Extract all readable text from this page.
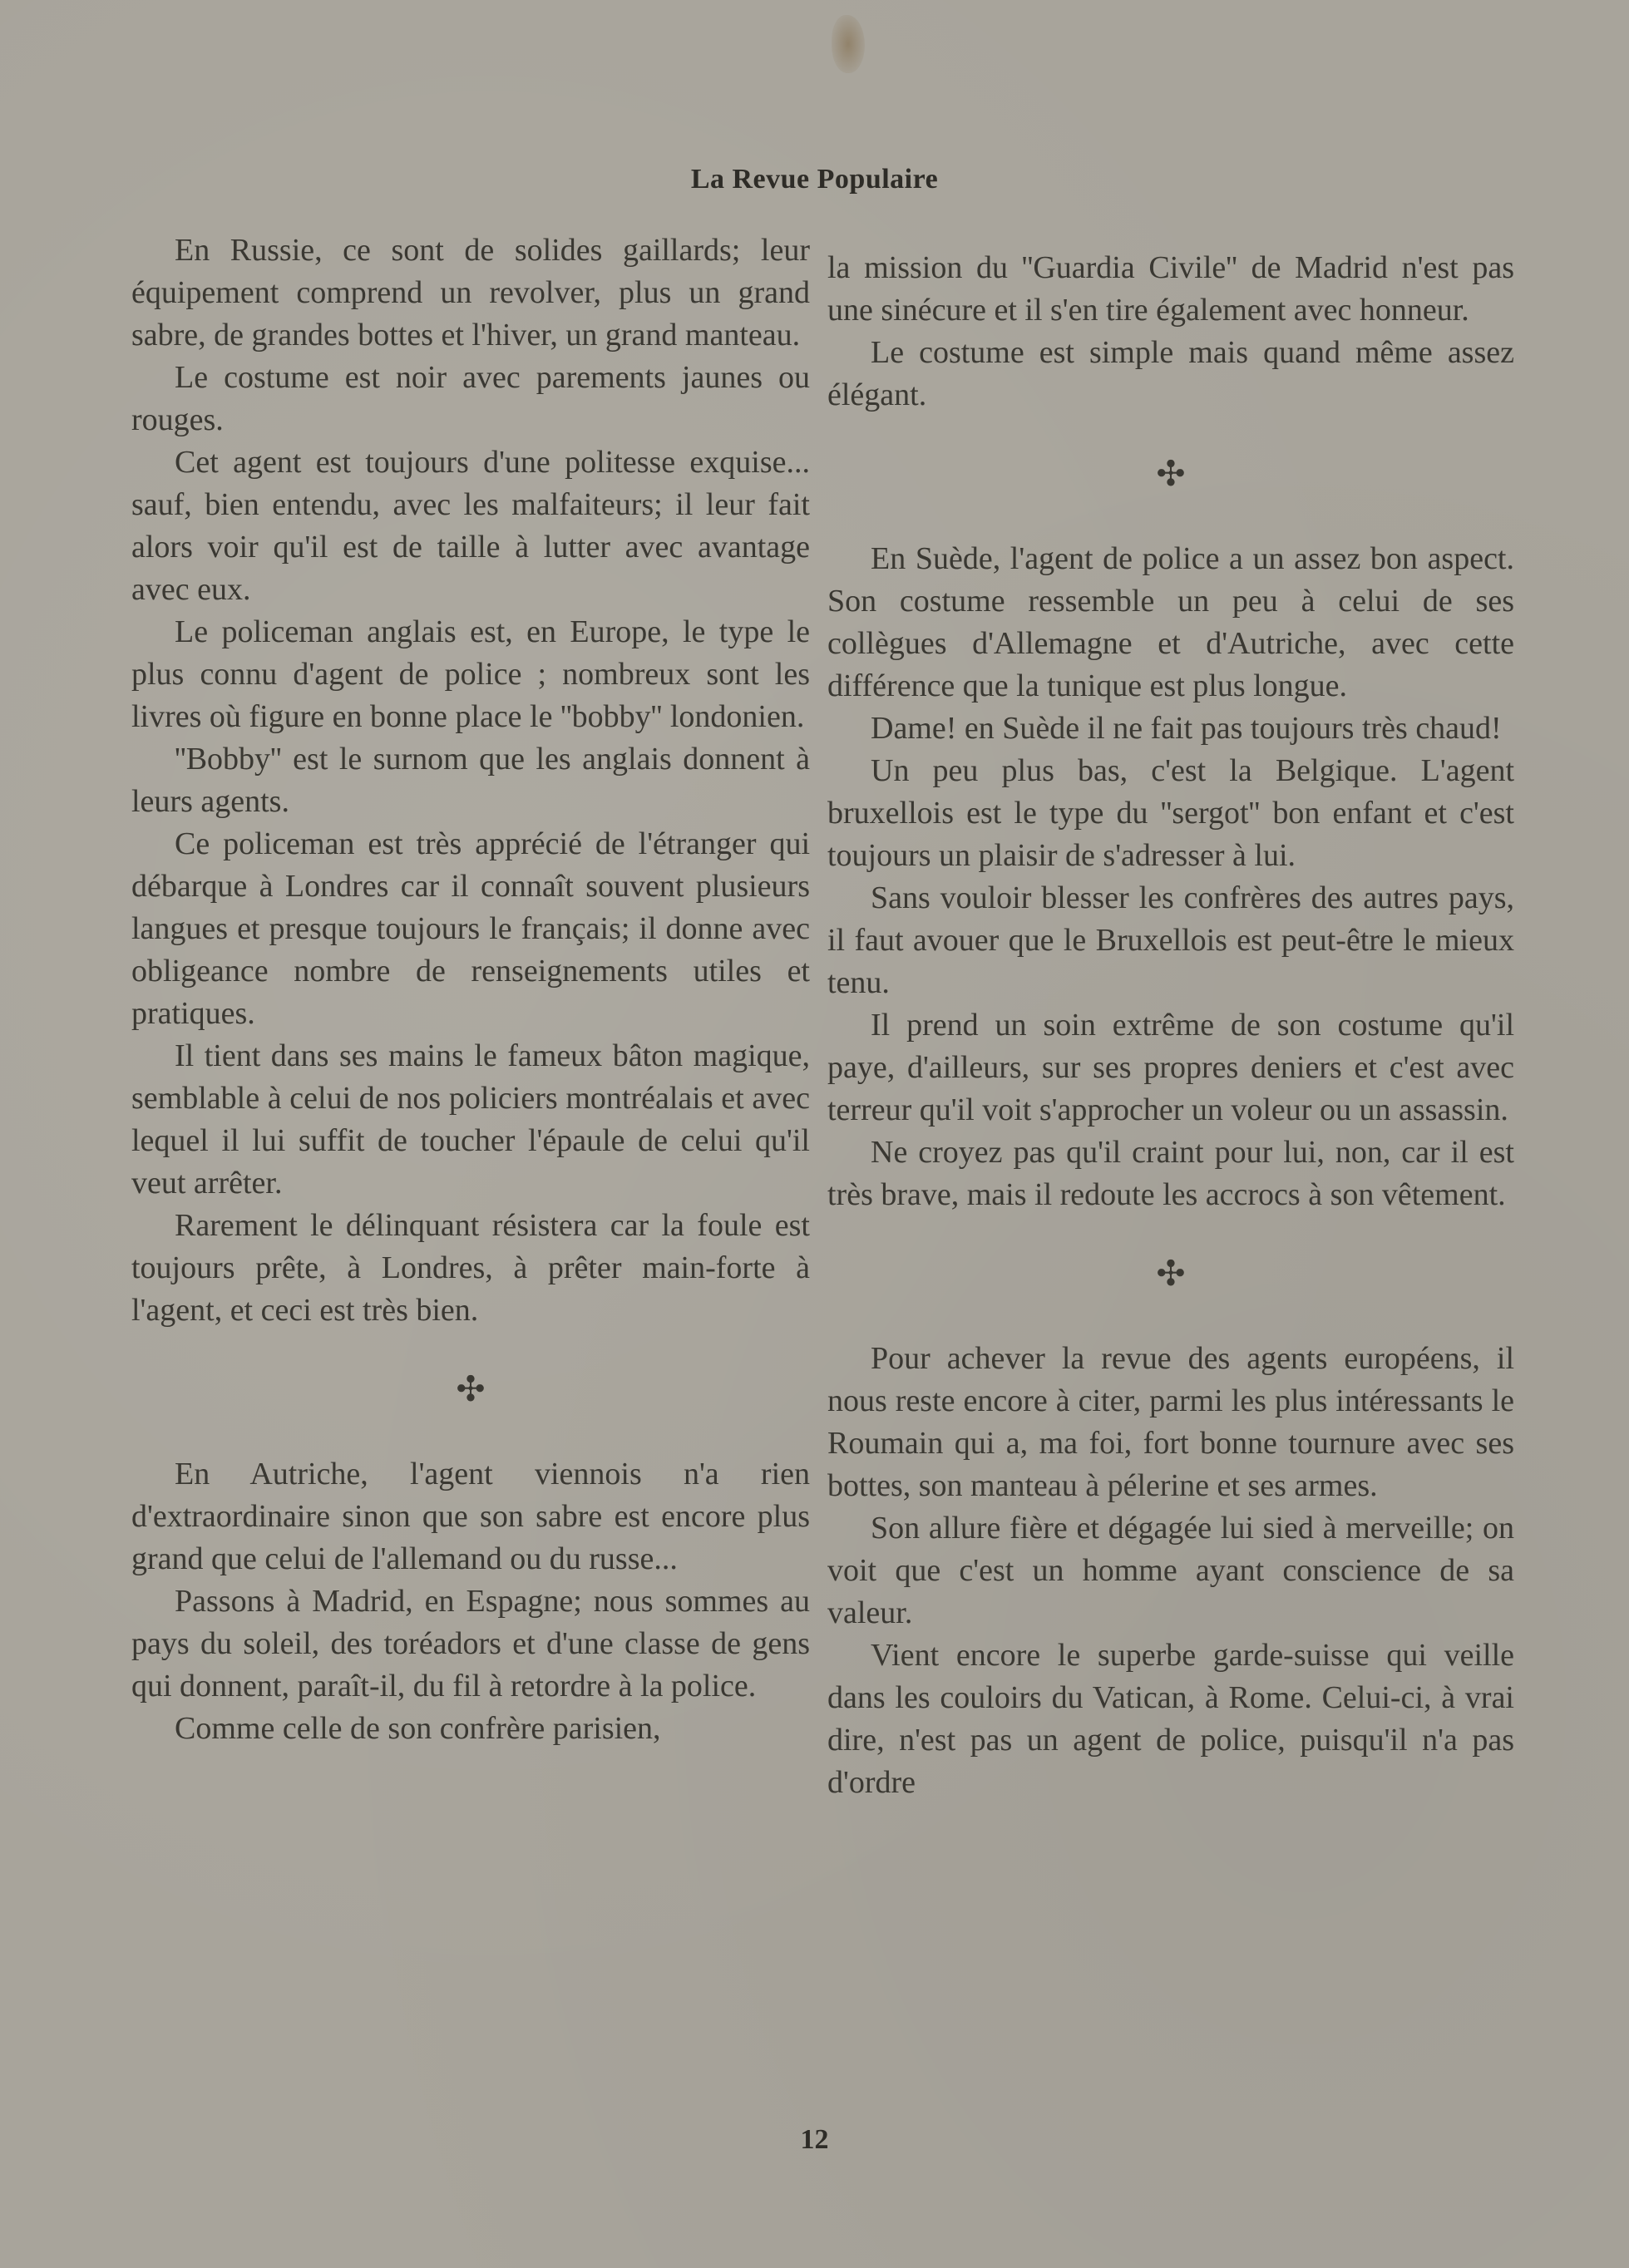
La Revue Populaire

En Russie, ce sont de solides gaillards; leur équipement comprend un revolver, plus un grand sabre, de grandes bottes et l'hiver, un grand manteau.

Le costume est noir avec parements jaunes ou rouges.

Cet agent est toujours d'une politesse exquise... sauf, bien entendu, avec les malfaiteurs; il leur fait alors voir qu'il est de taille à lutter avec avantage avec eux.

Le policeman anglais est, en Europe, le type le plus connu d'agent de police ; nombreux sont les livres où figure en bonne place le ''bobby'' londonien.

''Bobby'' est le surnom que les anglais donnent à leurs agents.

Ce policeman est très apprécié de l'étranger qui débarque à Londres car il connaît souvent plusieurs langues et presque toujours le français; il donne avec obligeance nombre de renseignements utiles et pratiques.

Il tient dans ses mains le fameux bâton magique, semblable à celui de nos policiers montréalais et avec lequel il lui suffit de toucher l'épaule de celui qu'il veut arrêter.

Rarement le délinquant résistera car la foule est toujours prête, à Londres, à prêter main-forte à l'agent, et ceci est très bien.

✣

En Autriche, l'agent viennois n'a rien d'extraordinaire sinon que son sabre est encore plus grand que celui de l'allemand ou du russe...

Passons à Madrid, en Espagne; nous sommes au pays du soleil, des toréadors et d'une classe de gens qui donnent, paraît-il, du fil à retordre à la police.

Comme celle de son confrère parisien,

la mission du ''Guardia Civile'' de Madrid n'est pas une sinécure et il s'en tire également avec honneur.

Le costume est simple mais quand même assez élégant.

✣

En Suède, l'agent de police a un assez bon aspect. Son costume ressemble un peu à celui de ses collègues d'Allemagne et d'Autriche, avec cette différence que la tunique est plus longue.

Dame! en Suède il ne fait pas toujours très chaud!

Un peu plus bas, c'est la Belgique. L'agent bruxellois est le type du ''sergot'' bon enfant et c'est toujours un plaisir de s'adresser à lui.

Sans vouloir blesser les confrères des autres pays, il faut avouer que le Bruxellois est peut-être le mieux tenu.

Il prend un soin extrême de son costume qu'il paye, d'ailleurs, sur ses propres deniers et c'est avec terreur qu'il voit s'approcher un voleur ou un assassin.

Ne croyez pas qu'il craint pour lui, non, car il est très brave, mais il redoute les accrocs à son vêtement.

✣

Pour achever la revue des agents européens, il nous reste encore à citer, parmi les plus intéressants le Roumain qui a, ma foi, fort bonne tournure avec ses bottes, son manteau à pélerine et ses armes.

Son allure fière et dégagée lui sied à merveille; on voit que c'est un homme ayant conscience de sa valeur.

Vient encore le superbe garde-suisse qui veille dans les couloirs du Vatican, à Rome. Celui-ci, à vrai dire, n'est pas un agent de police, puisqu'il n'a pas d'ordre

12
